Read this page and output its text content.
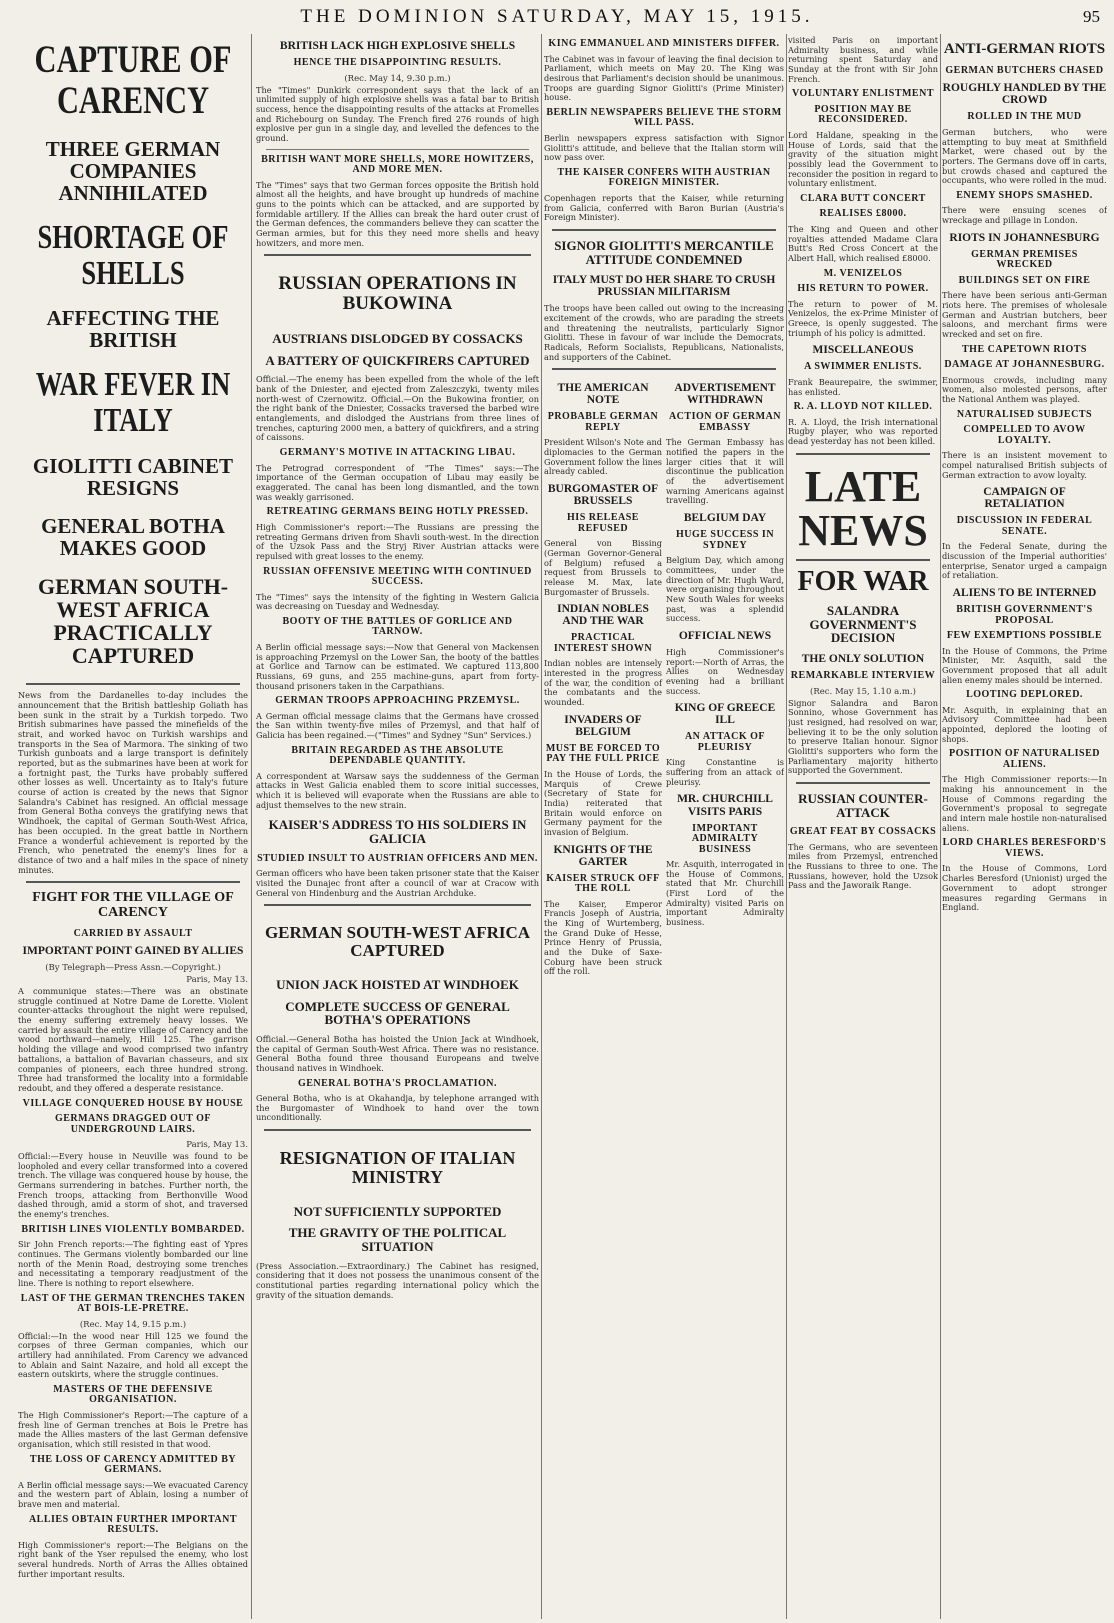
THE DOMINION SATURDAY, MAY 15, 1915.	95
CAPTURE OF CARENCY
THREE GERMAN COMPANIES ANNIHILATED
SHORTAGE OF SHELLS
AFFECTING THE BRITISH
WAR FEVER IN ITALY
GIOLITTI CABINET RESIGNS
GENERAL BOTHA MAKES GOOD
GERMAN SOUTH-WEST AFRICA PRACTICALLY CAPTURED

News from the Dardanelles to-day includes the announcement that the British battleship Goliath has been sunk in the strait by a Turkish torpedo. Two British submarines have passed the minefields of the strait, and worked havoc on Turkish warships and transports in the Sea of Marmora. The sinking of two Turkish gunboats and a large transport is definitely reported, but as the submarines have been at work for a fortnight past, the Turks have probably suffered other losses as well. Uncertainty as to Italy's future course of action is created by the news that Signor Salandra's Cabinet has resigned. An official message from General Botha conveys the gratifying news that Windhoek, the capital of German South-West Africa, has been occupied. In the great battle in Northern France a wonderful achievement is reported by the French, who penetrated the enemy's lines for a distance of two and a half miles in the space of ninety minutes.

FIGHT FOR THE VILLAGE OF CARENCY
CARRIED BY ASSAULT
IMPORTANT POINT GAINED BY ALLIES
(By Telegraph—Press Assn.—Copyright.)
Paris, May 13.

A communique states:—There was an obstinate struggle continued at Notre Dame de Lorette. Violent counter-attacks throughout the night were repulsed, the enemy suffering extremely heavy losses. We carried by assault the entire village of Carency and the wood northward—namely, Hill 125. The garrison holding the village and wood comprised two infantry battalions, a battalion of Bavarian chasseurs, and six companies of pioneers, each three hundred strong. Three had transformed the locality into a formidable redoubt, and they offered a desperate resistance.

VILLAGE CONQUERED HOUSE BY HOUSE
GERMANS DRAGGED OUT OF UNDERGROUND LAIRS.
Paris, May 13.

Official:—Every house in Neuville was found to be loopholed and every cellar transformed into a covered trench. The village was conquered house by house, the Germans surrendering in batches. Further north, the French troops, attacking from Berthonville Wood dashed through, amid a storm of shot, and traversed the enemy's trenches.

BRITISH LINES VIOLENTLY BOMBARDED.

Sir John French reports:—The fighting east of Ypres continues. The Germans violently bombarded our line north of the Menin Road, destroying some trenches and necessitating a temporary readjustment of the line. There is nothing to report elsewhere.

LAST OF THE GERMAN TRENCHES TAKEN AT BOIS-LE-PRETRE.
(Rec. May 14, 9.15 p.m.)

Official:—In the wood near Hill 125 we found the corpses of three German companies, which our artillery had annihilated. From Carency we advanced to Ablain and Saint Nazaire, and hold all except the eastern outskirts, where the struggle continues.

MASTERS OF THE DEFENSIVE ORGANISATION.

The High Commissioner's Report:—The capture of a fresh line of German trenches at Bois le Pretre has made the Allies masters of the last German defensive organisation, which still resisted in that wood.

THE LOSS OF CARENCY ADMITTED BY GERMANS.

A Berlin official message says:—We evacuated Carency and the western part of Ablain, losing a number of brave men and material.

ALLIES OBTAIN FURTHER IMPORTANT RESULTS.

High Commissioner's report:—The Belgians on the right bank of the Yser repulsed the enemy, who lost several hundreds. North of Arras the Allies obtained further important results.

BRITISH LACK HIGH EXPLOSIVE SHELLS
HENCE THE DISAPPOINTING RESULTS.
(Rec. May 14, 9.30 p.m.)

The "Times" Dunkirk correspondent says that the lack of an unlimited supply of high explosive shells was a fatal bar to British success, hence the disappointing results of the attacks at Fromelles and Richebourg on Sunday. The French fired 276 rounds of high explosive per gun in a single day, and levelled the defences to the ground.

BRITISH WANT MORE SHELLS, MORE HOWITZERS, AND MORE MEN.

The "Times" says that two German forces opposite the British hold almost all the heights, and have brought up hundreds of machine guns to the points which can be attacked, and are supported by formidable artillery. If the Allies can break the hard outer crust of the German defences, the commanders believe they can scatter the German armies, but for this they need more shells and heavy howitzers, and more men.

RUSSIAN OPERATIONS IN BUKOWINA
AUSTRIANS DISLODGED BY COSSACKS
A BATTERY OF QUICKFIRERS CAPTURED

Official.—The enemy has been expelled from the whole of the left bank of the Dniester, and ejected from Zaleszczyki, twenty miles north-west of Czernowitz. Official.—On the Bukowina frontier, on the right bank of the Dniester, Cossacks traversed the barbed wire entanglements, and dislodged the Austrians from three lines of trenches, capturing 2000 men, a battery of quickfirers, and a string of caissons.

GERMANY'S MOTIVE IN ATTACKING LIBAU.

The Petrograd correspondent of "The Times" says:—The importance of the German occupation of Libau may easily be exaggerated. The canal has been long dismantled, and the town was weakly garrisoned.

RETREATING GERMANS BEING HOTLY PRESSED.

High Commissioner's report:—The Russians are pressing the retreating Germans driven from Shavli south-west. In the direction of the Uzsok Pass and the Stryj River Austrian attacks were repulsed with great losses to the enemy.

RUSSIAN OFFENSIVE MEETING WITH CONTINUED SUCCESS.

The "Times" says the intensity of the fighting in Western Galicia was decreasing on Tuesday and Wednesday.

BOOTY OF THE BATTLES OF GORLICE AND TARNOW.

A Berlin official message says:—Now that General von Mackensen is approaching Przemysl on the Lower San, the booty of the battles at Gorlice and Tarnow can be estimated. We captured 113,800 Russians, 69 guns, and 255 machine-guns, apart from forty-thousand prisoners taken in the Carpathians.

GERMAN TROOPS APPROACHING PRZEMYSL.

A German official message claims that the Germans have crossed the San within twenty-five miles of Przemysl, and that half of Galicia has been regained.—("Times" and Sydney "Sun" Services.)

BRITAIN REGARDED AS THE ABSOLUTE DEPENDABLE QUANTITY.

A correspondent at Warsaw says the suddenness of the German attacks in West Galicia enabled them to score initial successes, which it is believed will evaporate when the Russians are able to adjust themselves to the new strain.

KAISER'S ADDRESS TO HIS SOLDIERS IN GALICIA
STUDIED INSULT TO AUSTRIAN OFFICERS AND MEN.

German officers who have been taken prisoner state that the Kaiser visited the Dunajec front after a council of war at Cracow with General von Hindenburg and the Austrian Archduke.

GERMAN SOUTH-WEST AFRICA CAPTURED
UNION JACK HOISTED AT WINDHOEK
COMPLETE SUCCESS OF GENERAL BOTHA'S OPERATIONS

Official.—General Botha has hoisted the Union Jack at Windhoek, the capital of German South-West Africa. There was no resistance. General Botha found three thousand Europeans and twelve thousand natives in Windhoek.

GENERAL BOTHA'S PROCLAMATION.

General Botha, who is at Okahandja, by telephone arranged with the Burgomaster of Windhoek to hand over the town unconditionally.

RESIGNATION OF ITALIAN MINISTRY
NOT SUFFICIENTLY SUPPORTED
THE GRAVITY OF THE POLITICAL SITUATION

(Press Association.—Extraordinary.) The Cabinet has resigned, considering that it does not possess the unanimous consent of the constitutional parties regarding international policy which the gravity of the situation demands.

KING EMMANUEL AND MINISTERS DIFFER.

The Cabinet was in favour of leaving the final decision to Parliament, which meets on May 20. The King was desirous that Parliament's decision should be unanimous. Troops are guarding Signor Giolitti's (Prime Minister) house.

BERLIN NEWSPAPERS BELIEVE THE STORM WILL PASS.

Berlin newspapers express satisfaction with Signor Giolitti's attitude, and believe that the Italian storm will now pass over.

THE KAISER CONFERS WITH AUSTRIAN FOREIGN MINISTER.

Copenhagen reports that the Kaiser, while returning from Galicia, conferred with Baron Burian (Austria's Foreign Minister).

SIGNOR GIOLITTI'S MERCANTILE ATTITUDE CONDEMNED
ITALY MUST DO HER SHARE TO CRUSH PRUSSIAN MILITARISM

The troops have been called out owing to the increasing excitement of the crowds, who are parading the streets and threatening the neutralists, particularly Signor Giolitti. These in favour of war include the Democrats, Radicals, Reform Socialists, Republicans, Nationalists, and supporters of the Cabinet.

THE AMERICAN NOTE
PROBABLE GERMAN REPLY

President Wilson's Note and diplomacies to the German Government follow the lines already cabled.

BURGOMASTER OF BRUSSELS
HIS RELEASE REFUSED

General von Bissing (German Governor-General of Belgium) refused a request from Brussels to release M. Max, late Burgomaster of Brussels.

INDIAN NOBLES AND THE WAR
PRACTICAL INTEREST SHOWN

Indian nobles are intensely interested in the progress of the war, the condition of the combatants and the wounded.

INVADERS OF BELGIUM
MUST BE FORCED TO PAY THE FULL PRICE

In the House of Lords, the Marquis of Crewe (Secretary of State for India) reiterated that Britain would enforce on Germany payment for the invasion of Belgium.

KNIGHTS OF THE GARTER
KAISER STRUCK OFF THE ROLL

The Kaiser, Emperor Francis Joseph of Austria, the King of Wurtemberg, the Grand Duke of Hesse, Prince Henry of Prussia, and the Duke of Saxe-Coburg have been struck off the roll.

ADVERTISEMENT WITHDRAWN
ACTION OF GERMAN EMBASSY

The German Embassy has notified the papers in the larger cities that it will discontinue the publication of the advertisement warning Americans against travelling.

BELGIUM DAY
HUGE SUCCESS IN SYDNEY

Belgium Day, which among committees, under the direction of Mr. Hugh Ward, were organising throughout New South Wales for weeks past, was a splendid success.

OFFICIAL NEWS

High Commissioner's report:—North of Arras, the Allies on Wednesday evening had a brilliant success.

KING OF GREECE ILL
AN ATTACK OF PLEURISY

King Constantine is suffering from an attack of pleurisy.

MR. CHURCHILL VISITS PARIS
IMPORTANT ADMIRALTY BUSINESS

Mr. Asquith, interrogated in the House of Commons, stated that Mr. Churchill (First Lord of the Admiralty) visited Paris on important Admiralty business.

visited Paris on important Admiralty business, and while returning spent Saturday and Sunday at the front with Sir John French.

VOLUNTARY ENLISTMENT
POSITION MAY BE RECONSIDERED.

Lord Haldane, speaking in the House of Lords, said that the gravity of the situation might possibly lead the Government to reconsider the position in regard to voluntary enlistment.

CLARA BUTT CONCERT
REALISES £8000.

The King and Queen and other royalties attended Madame Clara Butt's Red Cross Concert at the Albert Hall, which realised £8000.

M. VENIZELOS
HIS RETURN TO POWER.

The return to power of M. Venizelos, the ex-Prime Minister of Greece, is openly suggested. The triumph of his policy is admitted.

MISCELLANEOUS
A SWIMMER ENLISTS.

Frank Beaurepaire, the swimmer, has enlisted.

R. A. LLOYD NOT KILLED.

R. A. Lloyd, the Irish international Rugby player, who was reported dead yesterday has not been killed.

LATE NEWS
FOR WAR
SALANDRA GOVERNMENT'S DECISION
THE ONLY SOLUTION
REMARKABLE INTERVIEW
(Rec. May 15, 1.10 a.m.)

Signor Salandra and Baron Sonnino, whose Government has just resigned, had resolved on war, believing it to be the only solution to preserve Italian honour. Signor Giolitti's supporters who form the Parliamentary majority hitherto supported the Government.

RUSSIAN COUNTER-ATTACK
GREAT FEAT BY COSSACKS

The Germans, who are seventeen miles from Przemysl, entrenched the Russians to three to one. The Russians, however, hold the Uzsok Pass and the Jaworaik Range.

ANTI-GERMAN RIOTS
GERMAN BUTCHERS CHASED
ROUGHLY HANDLED BY THE CROWD
ROLLED IN THE MUD

German butchers, who were attempting to buy meat at Smithfield Market, were chased out by the porters. The Germans dove off in carts, but crowds chased and captured the occupants, who were rolled in the mud.

ENEMY SHOPS SMASHED.

There were ensuing scenes of wreckage and pillage in London.

RIOTS IN JOHANNESBURG
GERMAN PREMISES WRECKED
BUILDINGS SET ON FIRE

There have been serious anti-German riots here. The premises of wholesale German and Austrian butchers, beer saloons, and merchant firms were wrecked and set on fire.

THE CAPETOWN RIOTS
DAMAGE AT JOHANNESBURG.

Enormous crowds, including many women, also molested persons, after the National Anthem was played.

NATURALISED SUBJECTS
COMPELLED TO AVOW LOYALTY.

There is an insistent movement to compel naturalised British subjects of German extraction to avow loyalty.

CAMPAIGN OF RETALIATION
DISCUSSION IN FEDERAL SENATE.

In the Federal Senate, during the discussion of the Imperial authorities' enterprise, Senator urged a campaign of retaliation.

ALIENS TO BE INTERNED
BRITISH GOVERNMENT'S PROPOSAL
FEW EXEMPTIONS POSSIBLE

In the House of Commons, the Prime Minister, Mr. Asquith, said the Government proposed that all adult alien enemy males should be interned.

LOOTING DEPLORED.

Mr. Asquith, in explaining that an Advisory Committee had been appointed, deplored the looting of shops.

POSITION OF NATURALISED ALIENS.

The High Commissioner reports:—In making his announcement in the House of Commons regarding the Government's proposal to segregate and intern male hostile non-naturalised aliens.

LORD CHARLES BERESFORD'S VIEWS.

In the House of Commons, Lord Charles Beresford (Unionist) urged the Government to adopt stronger measures regarding Germans in England.
